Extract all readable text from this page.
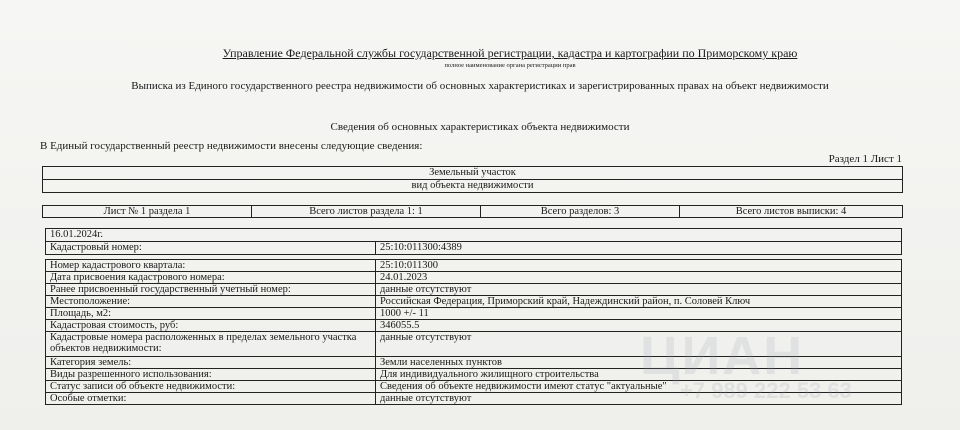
Управление Федеральной службы государственной регистрации, кадастра и картографии по Приморскому краю
полное наименование органа регистрации прав
Выписка из Единого государственного реестра недвижимости об основных характеристиках и зарегистрированных правах на объект недвижимости
Сведения об основных характеристиках объекта недвижимости
В Единый государственный реестр недвижимости внесены следующие сведения:
Раздел 1 Лист 1
Земельный участок
вид объекта недвижимости
Лист № 1 раздела 1	Всего листов раздела 1: 1	Всего разделов: 3	Всего листов выписки: 4
16.01.2024г.
Кадастровый номер:	25:10:011300:4389
Номер кадастрового квартала:	25:10:011300
Дата присвоения кадастрового номера:	24.01.2023
Ранее присвоенный государственный учетный номер:	данные отсутствуют
Местоположение:	Российская Федерация, Приморский край, Надеждинский район, п. Соловей Ключ
Площадь, м2:	1000 +/- 11
Кадастровая стоимость, руб:	346055.5
Кадастровые номера расположенных в пределах земельного участка объектов недвижимости:	данные отсутствуют
Категория земель:	Земли населенных пунктов
Виды разрешенного использования:	Для индивидуального жилищного строительства
Статус записи об объекте недвижимости:	Сведения об объекте недвижимости имеют статус "актуальные"
Особые отметки:	данные отсутствуют
ЦИАН
+7 989 222 53 63
